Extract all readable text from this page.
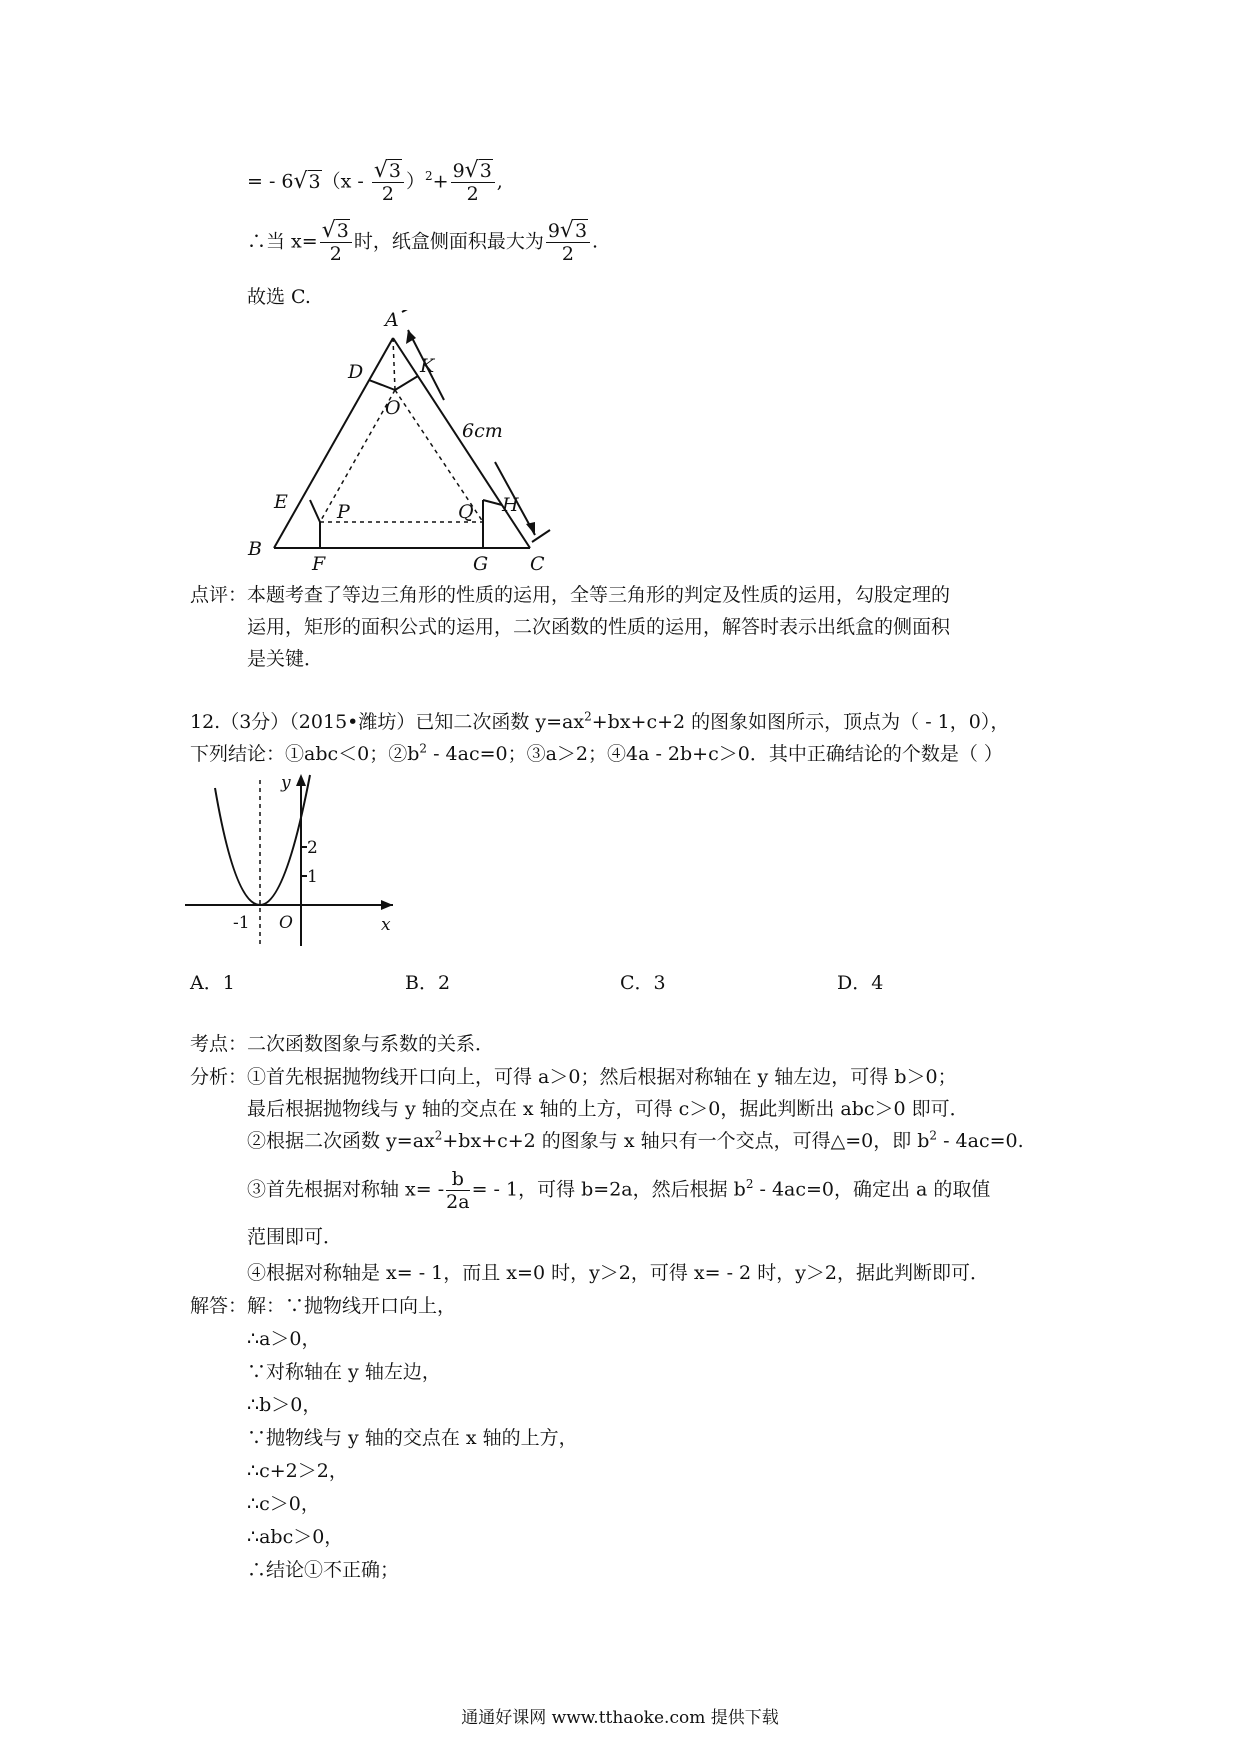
= - $6√3(x - \frac{√3}{2} )^2+ \frac{9√3}{2}$ ,
∴当 $x= \frac{√3}{2}$ 时，纸盒侧面积最大为 $\frac{9√3}{2}$ .
故选 C.
A
B
C
D
E
F	G
H
K
O
P	Q
6cm
点评：本题考查了等边三角形的性质的运用，全等三角形的判定及性质的运用，勾股定理的
运用，矩形的面积公式的运用，二次函数的性质的运用，解答时表示出纸盒的侧面积
是关键．
12.（3分）（2015•潍坊）已知二次函数 $y=ax^2+bx+c+2$ 的图象如图所示，顶点为（ - 1，0），
下列结论：①abc＜0；$②b^2 - 4ac=0$；③a＞2；④4a - 2b+c＞0．其中正确结论的个数是（ ）
y
x
O
2
1
-1
A．1	B．2	C．3	D．4
考点：二次函数图象与系数的关系．
分析：①首先根据抛物线开口向上，可得 a＞0；然后根据对称轴在 y 轴左边，可得 b＞0；
最后根据抛物线与 y 轴的交点在 x 轴的上方，可得 c＞0，据此判断出 abc＞0 即可．
②根据二次函数 $y=ax^2+bx+c+2$ 的图象与 x 轴只有一个交点，可得△=0，即 $b^2 - 4ac=0$.
③首先根据对称轴 $x= - \frac{b}{2a}$ = - 1，可得 b=2a，然后根据 $b^2 - 4ac=0$，确定出 a 的取值
范围即可．
④根据对称轴是 x= - 1，而且 x=0 时，y＞2，可得 x= - 2 时，y＞2，据此判断即可．
解答：解：∵抛物线开口向上，
∴a＞0，
∵对称轴在 y 轴左边，
∴b＞0，
∵抛物线与 y 轴的交点在 x 轴的上方，
∴c+2＞2，
∴c＞0，
∴abc＞0，
∴结论①不正确；
通通好课网 www.tthaoke.com 提供下载
